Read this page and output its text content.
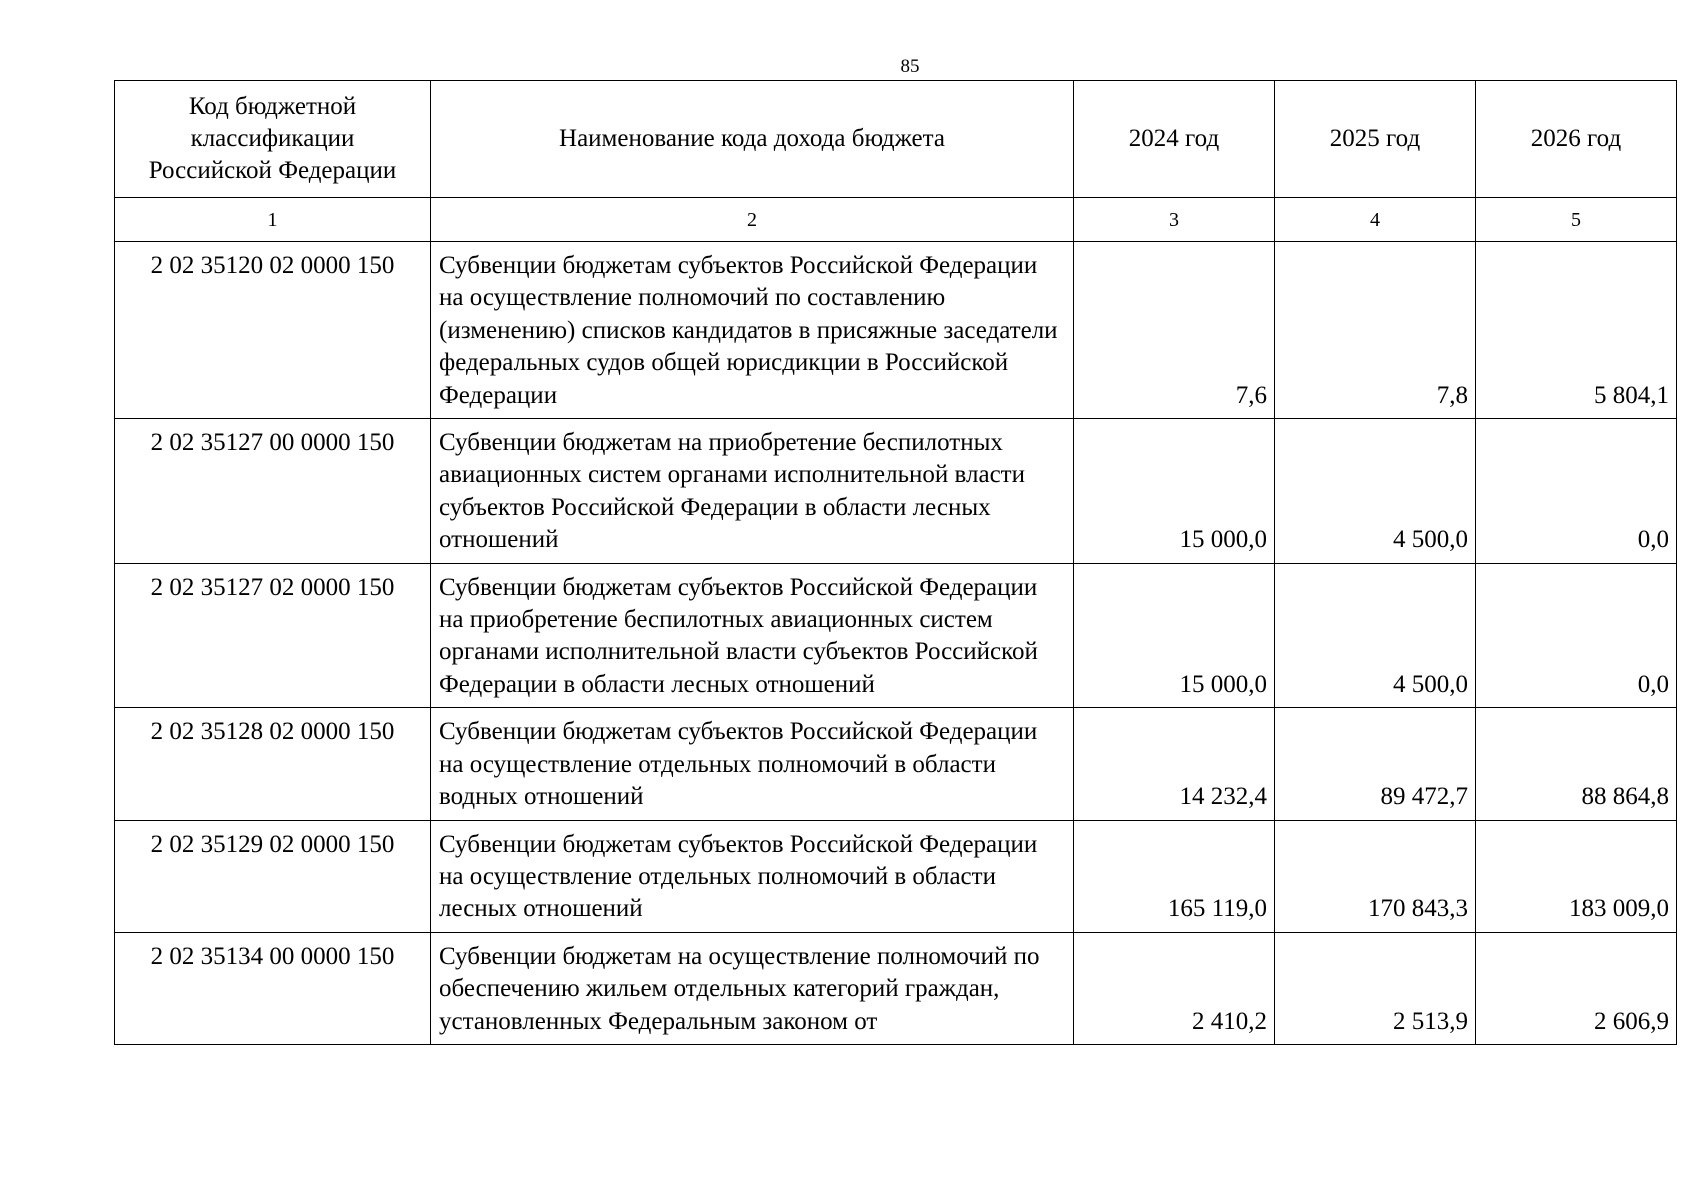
85
Код бюджетной классификации Российской Федерации	Наименование кода дохода бюджета	2024 год	2025 год	2026 год
1	2	3	4	5
2 02 35120 02 0000 150	Субвенции бюджетам субъектов Российской Федерации на осуществление полномочий по составлению (изменению) списков кандидатов в присяжные заседатели федеральных судов общей юрисдикции в Российской Федерации	7,6	7,8	5 804,1
2 02 35127 00 0000 150	Субвенции бюджетам на приобретение беспилотных авиационных систем органами исполнительной власти субъектов Российской Федерации в области лесных отношений	15 000,0	4 500,0	0,0
2 02 35127 02 0000 150	Субвенции бюджетам субъектов Российской Федерации на приобретение беспилотных авиационных систем органами исполнительной власти субъектов Российской Федерации в области лесных отношений	15 000,0	4 500,0	0,0
2 02 35128 02 0000 150	Субвенции бюджетам субъектов Российской Федерации на осуществление отдельных полномочий в области водных отношений	14 232,4	89 472,7	88 864,8
2 02 35129 02 0000 150	Субвенции бюджетам субъектов Российской Федерации на осуществление отдельных полномочий в области лесных отношений	165 119,0	170 843,3	183 009,0
2 02 35134 00 0000 150	Субвенции бюджетам на осуществление полномочий по обеспечению жильем отдельных категорий граждан, установленных Федеральным законом от	2 410,2	2 513,9	2 606,9
